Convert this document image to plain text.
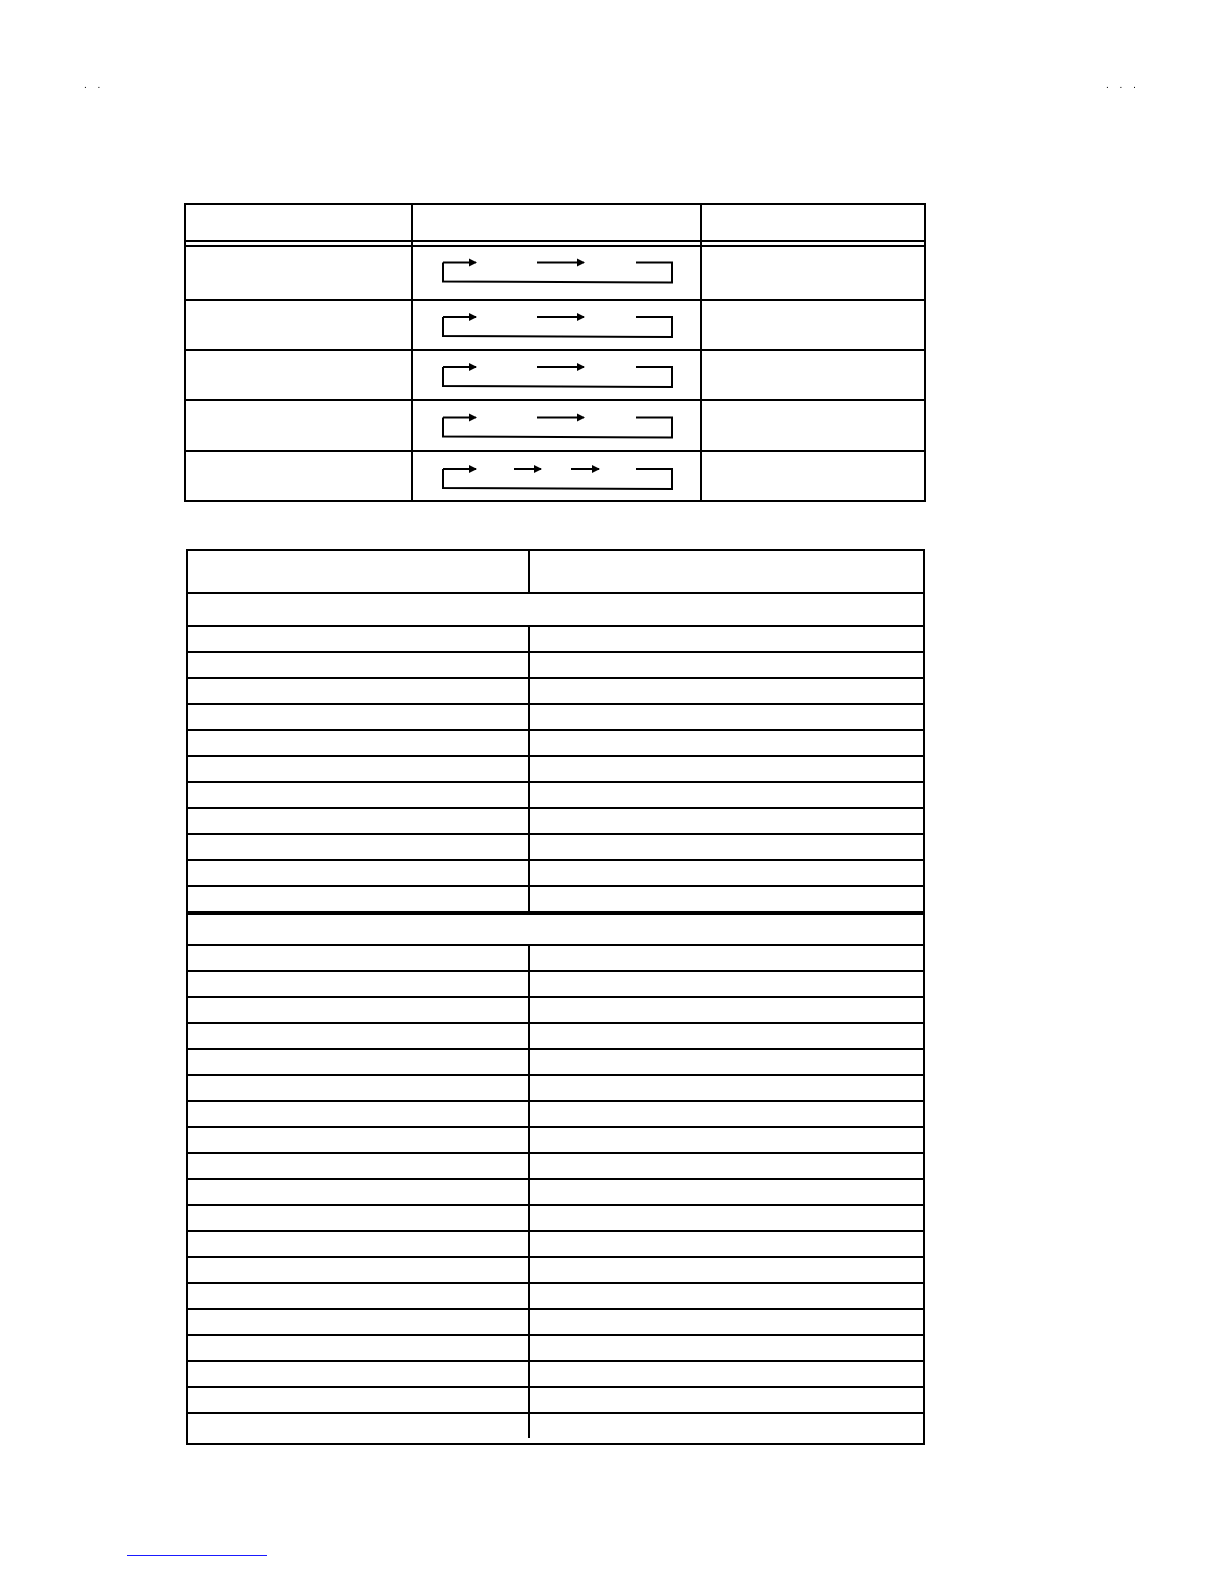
. .	. . .
